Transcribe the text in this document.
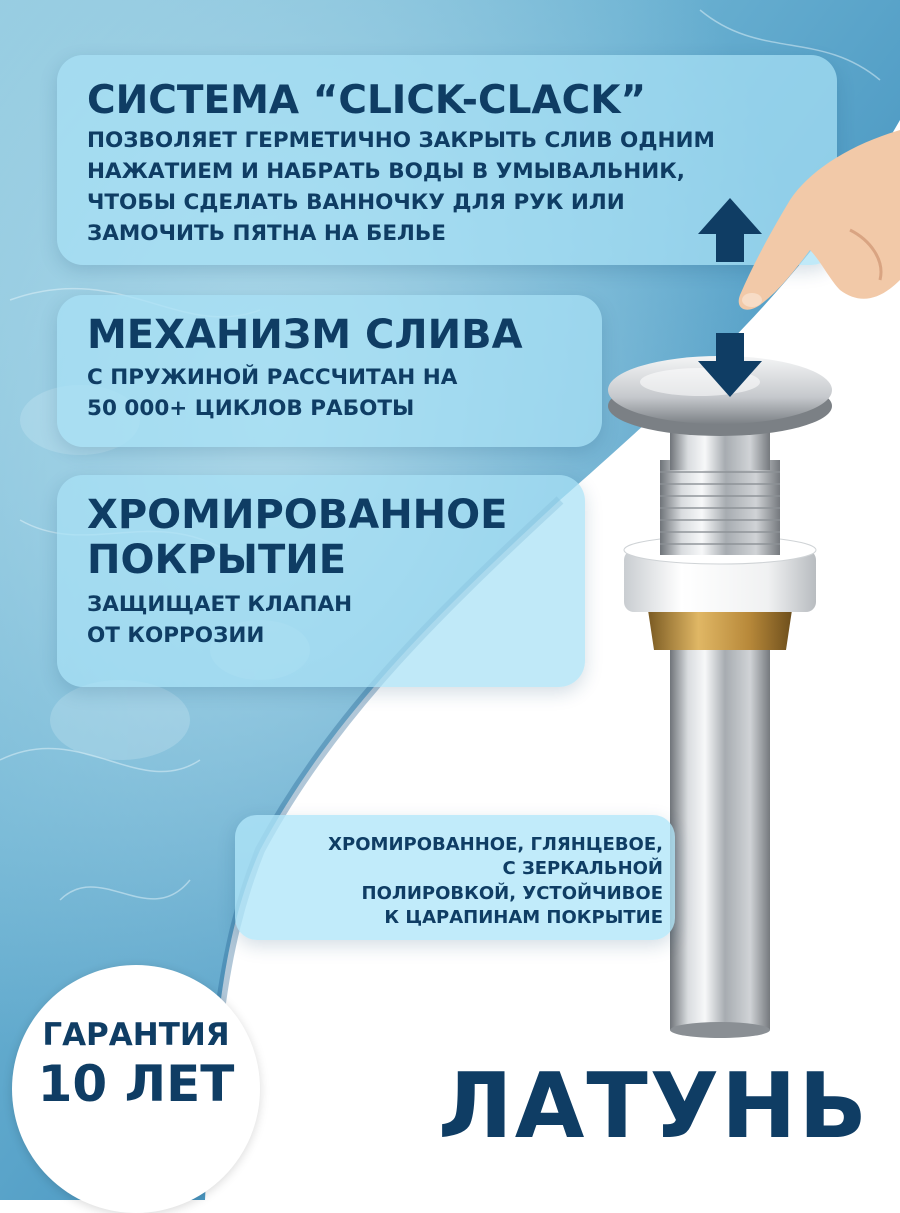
СИСТЕМА “CLICK-CLACK”
ПОЗВОЛЯЕТ ГЕРМЕТИЧНО ЗАКРЫТЬ СЛИВ ОДНИМ
НАЖАТИЕМ И НАБРАТЬ ВОДЫ В УМЫВАЛЬНИК,
ЧТОБЫ СДЕЛАТЬ ВАННОЧКУ ДЛЯ РУК ИЛИ
ЗАМОЧИТЬ ПЯТНА НА БЕЛЬЕ
МЕХАНИЗМ СЛИВА
С ПРУЖИНОЙ РАССЧИТАН НА
50 000+ ЦИКЛОВ РАБОТЫ
ХРОМИРОВАННОЕ
ПОКРЫТИЕ
ЗАЩИЩАЕТ КЛАПАН
ОТ КОРРОЗИИ
ХРОМИРОВАННОЕ, ГЛЯНЦЕВОЕ,
С ЗЕРКАЛЬНОЙ
ПОЛИРОВКОЙ, УСТОЙЧИВОЕ
К ЦАРАПИНАМ ПОКРЫТИЕ
ГАРАНТИЯ
10 ЛЕТ ЛАТУНЬ
